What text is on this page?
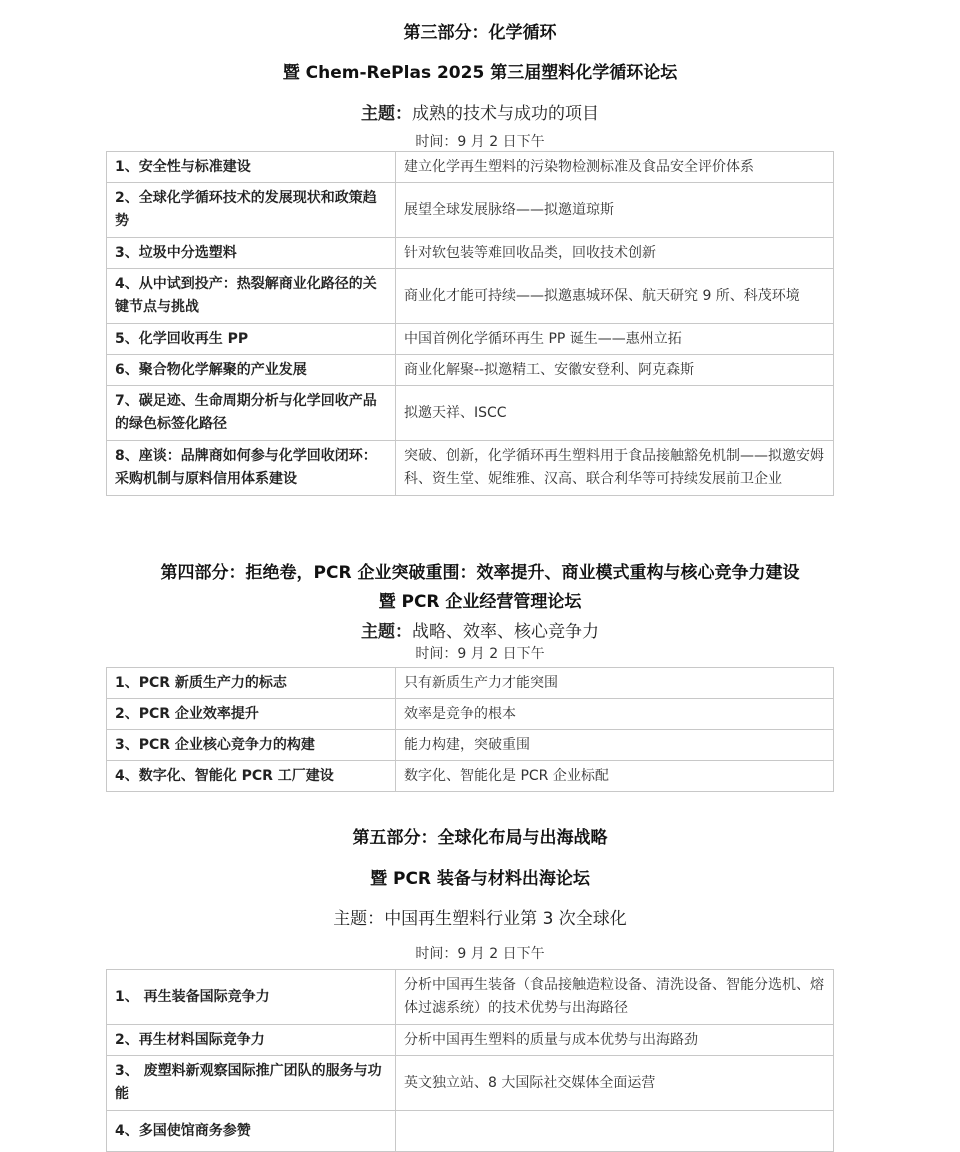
第三部分：化学循环
暨 Chem-RePlas 2025 第三届塑料化学循环论坛
主题：成熟的技术与成功的项目
时间：9 月 2 日下午
1、安全性与标准建设	建立化学再生塑料的污染物检测标准及食品安全评价体系
2、全球化学循环技术的发展现状和政策趋势	展望全球发展脉络——拟邀道琼斯
3、垃圾中分选塑料	针对软包装等难回收品类，回收技术创新
4、从中试到投产：热裂解商业化路径的关键节点与挑战	商业化才能可持续——拟邀惠城环保、航天研究 9 所、科茂环境
5、化学回收再生 PP	中国首例化学循环再生 PP 诞生——惠州立拓
6、聚合物化学解聚的产业发展	商业化解聚--拟邀精工、安徽安登利、阿克森斯
7、碳足迹、生命周期分析与化学回收产品的绿色标签化路径	拟邀天祥、ISCC
8、座谈：品牌商如何参与化学回收闭环：采购机制与原料信用体系建设	突破、创新，化学循环再生塑料用于食品接触豁免机制——拟邀安姆科、资生堂、妮维雅、汉高、联合利华等可持续发展前卫企业
第四部分：拒绝卷，PCR 企业突破重围：效率提升、商业模式重构与核心竞争力建设
暨 PCR 企业经营管理论坛
主题：战略、效率、核心竞争力
时间：9 月 2 日下午
1、PCR 新质生产力的标志	只有新质生产力才能突围
2、PCR 企业效率提升	效率是竞争的根本
3、PCR 企业核心竞争力的构建	能力构建，突破重围
4、数字化、智能化 PCR 工厂建设	数字化、智能化是 PCR 企业标配
第五部分：全球化布局与出海战略
暨 PCR 装备与材料出海论坛
主题：中国再生塑料行业第 3 次全球化
时间：9 月 2 日下午
1、 再生装备国际竞争力	分析中国再生装备（食品接触造粒设备、清洗设备、智能分选机、熔体过滤系统）的技术优势与出海路径
2、再生材料国际竞争力	分析中国再生塑料的质量与成本优势与出海路劲
3、 废塑料新观察国际推广团队的服务与功能	英文独立站、8 大国际社交媒体全面运营
4、多国使馆商务参赞	
